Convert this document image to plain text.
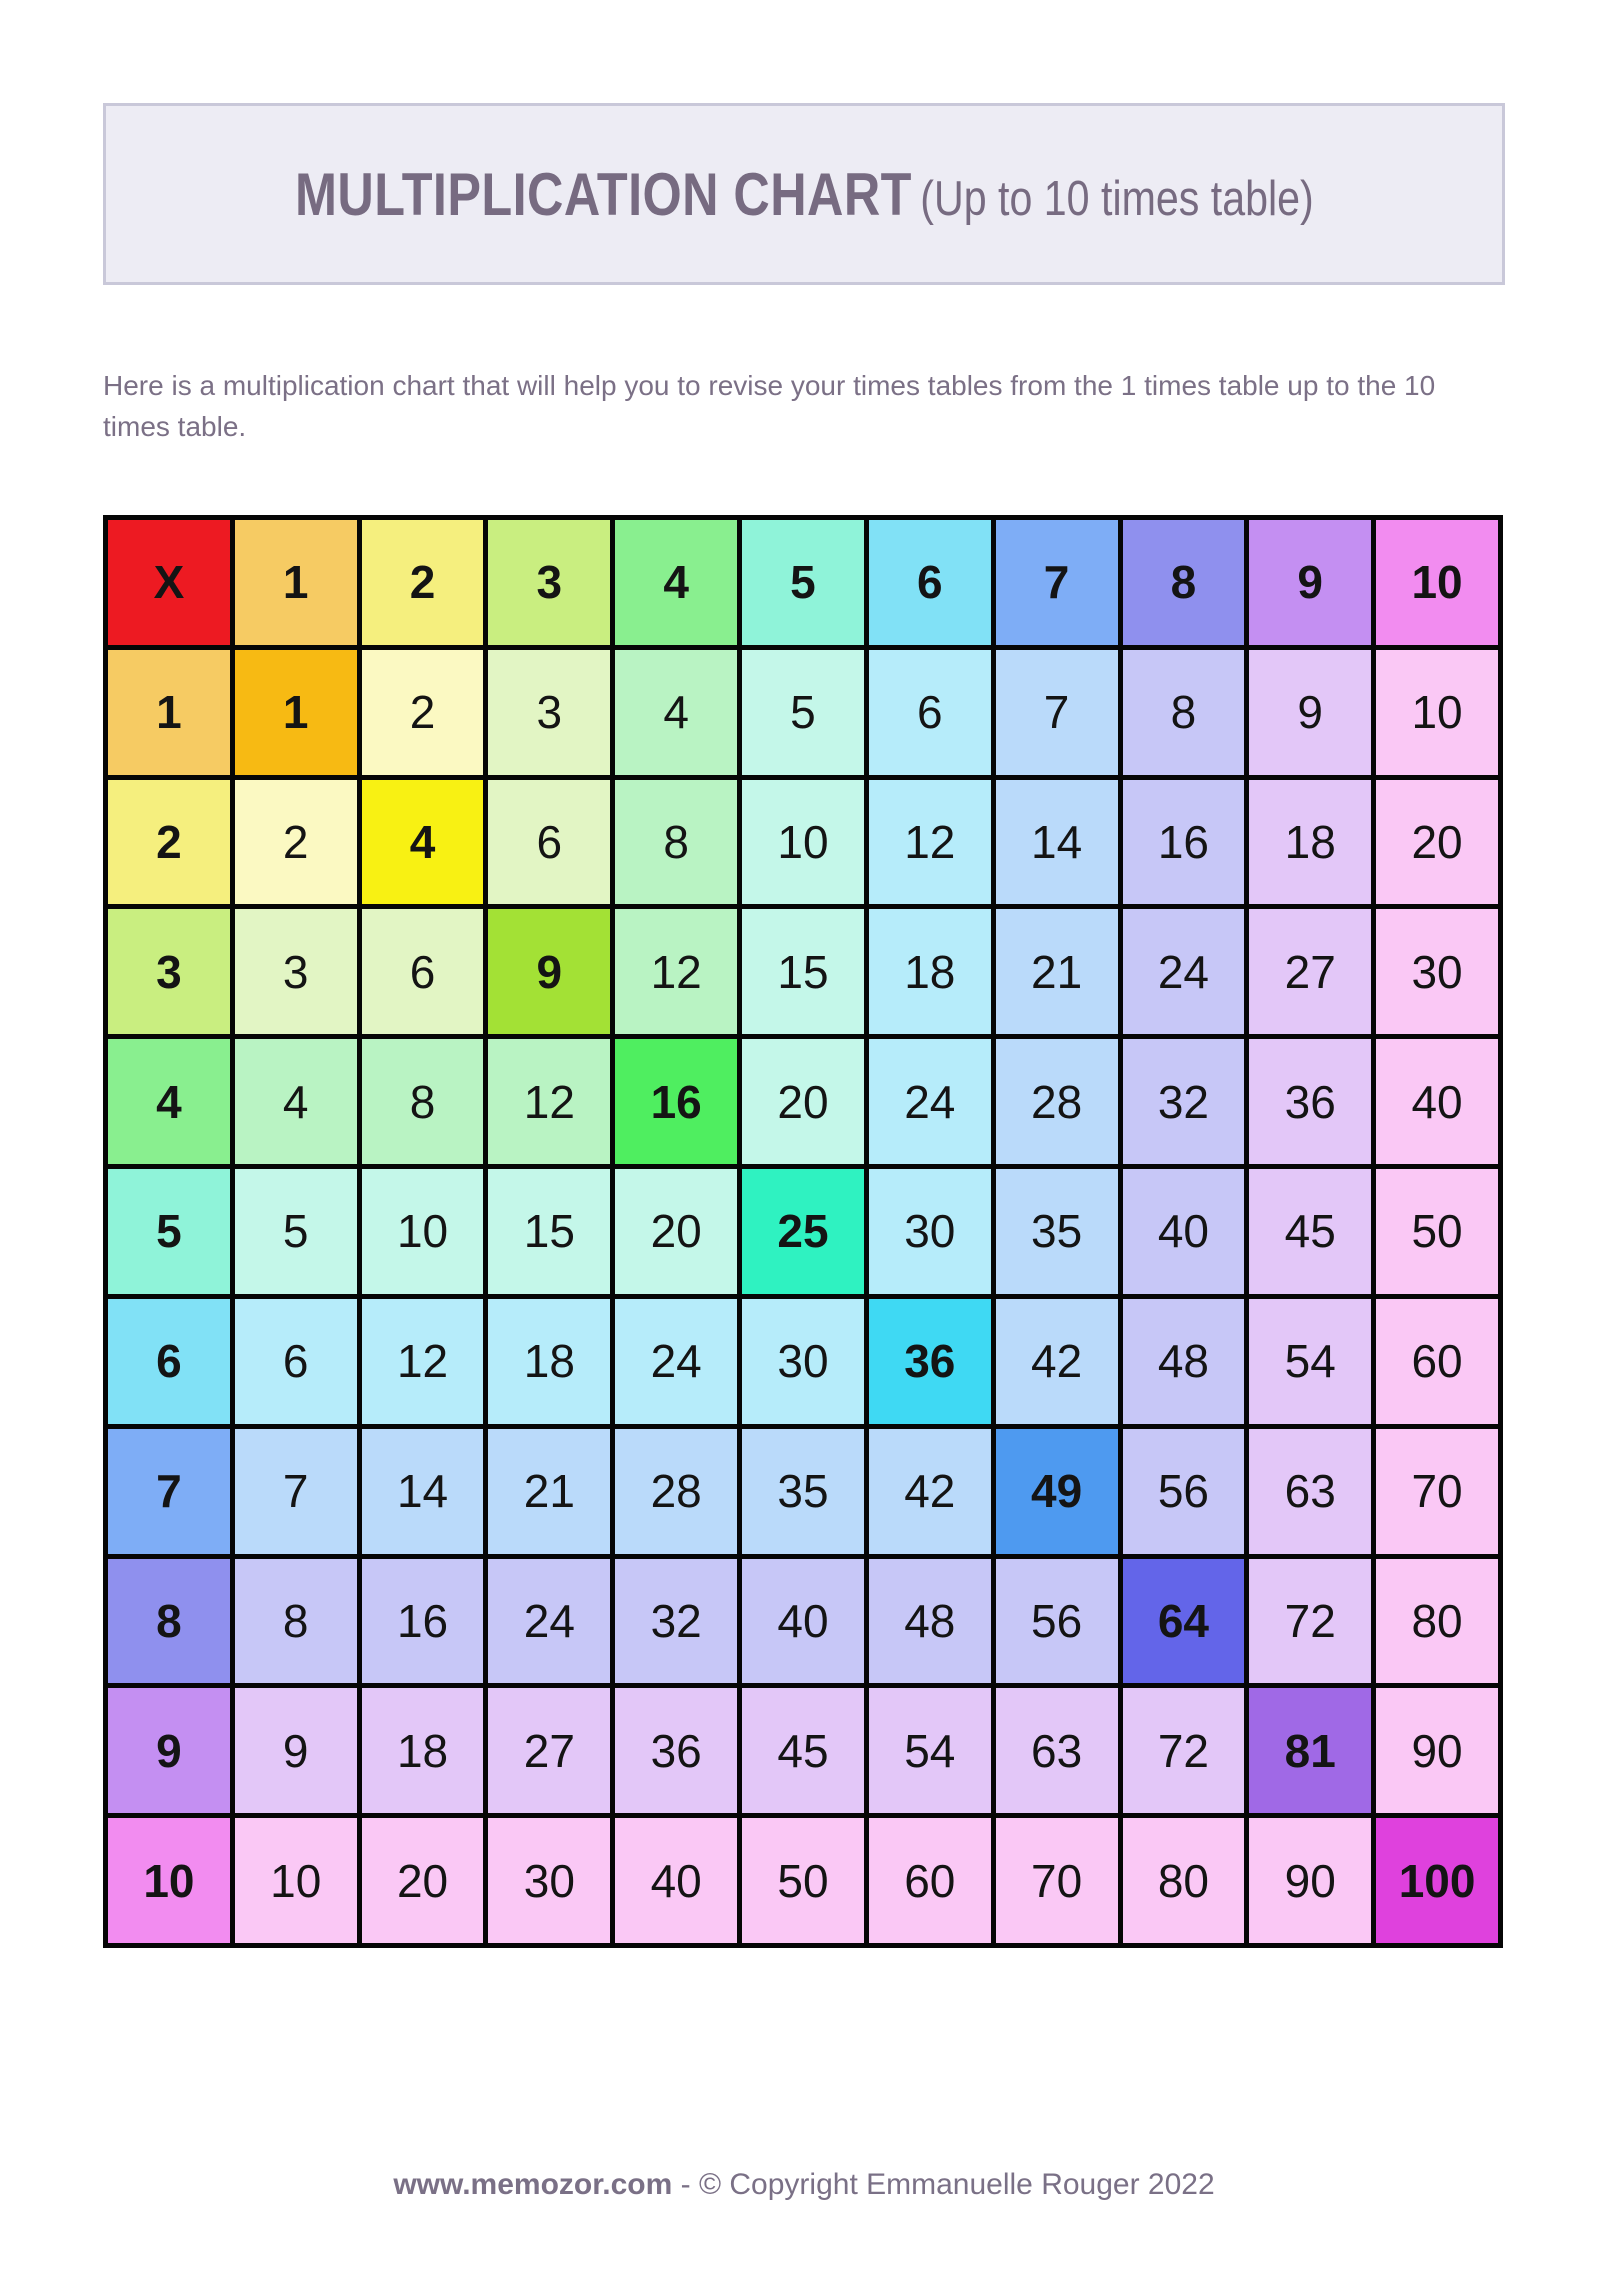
MULTIPLICATION CHART (Up to 10 times table)

Here is a multiplication chart that will help you to revise your times tables from the 1 times table up to the 10 times table.

X	1	2	3	4	5	6	7	8	9	10
1	1	2	3	4	5	6	7	8	9	10
2	2	4	6	8	10	12	14	16	18	20
3	3	6	9	12	15	18	21	24	27	30
4	4	8	12	16	20	24	28	32	36	40
5	5	10	15	20	25	30	35	40	45	50
6	6	12	18	24	30	36	42	48	54	60
7	7	14	21	28	35	42	49	56	63	70
8	8	16	24	32	40	48	56	64	72	80
9	9	18	27	36	45	54	63	72	81	90
10	10	20	30	40	50	60	70	80	90	100
www.memozor.com - © Copyright Emmanuelle Rouger 2022
